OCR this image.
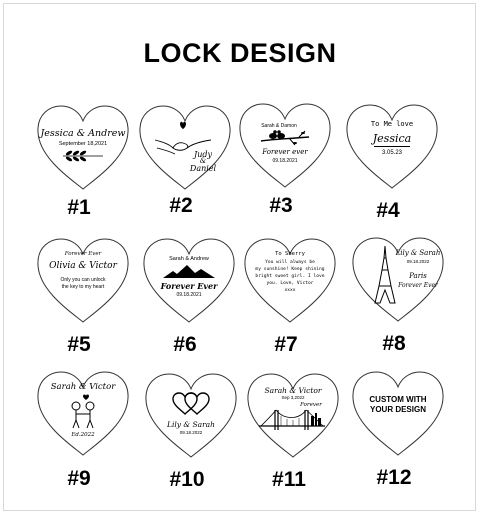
LOCK DESIGN
Jessica & Andrew
September 18,2021
#1
Judy
&
Daniel
#2
Sarah & Damon
Forever ever
09.18.2021
#3
To Me love
Jessica
3.05.23
#4
Forever Ever
Olivia & Victor
Only you can unlock
the key to my heart
#5
Sarah & Andrew
Forever Ever
09.18.2021
#6
To Sherry
You will always be
my sunshine! Keep shining
bright sweet girl. I love
you. Love, Victor
xxxx
#7
Lily & Sarah
09.18.2022
Paris
Forever Ever
#8
Sarah & Victor
Ed.2022
#9
Lily & Sarah
09.18.2022
#10
Sarah & Victor
Sep 3,2022
Forever
#11
CUSTOM WITH
YOUR DESIGN
#12
